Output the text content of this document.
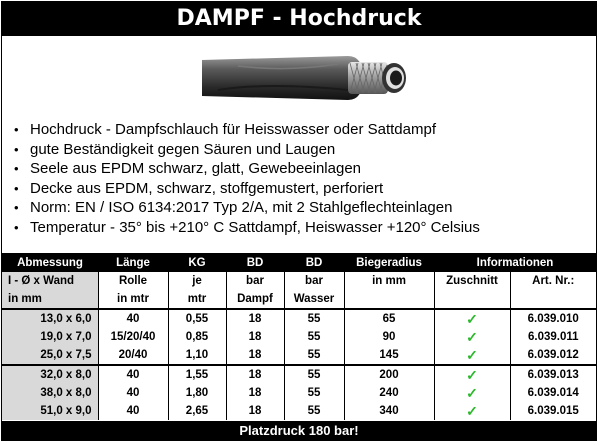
DAMPF - Hochdruck
• Hochdruck - Dampfschlauch für Heisswasser oder Sattdampf
• gute Beständigkeit gegen Säuren und Laugen
• Seele aus EPDM schwarz, glatt, Gewebeeinlagen
• Decke aus EPDM, schwarz, stoffgemustert, perforiert
• Norm: EN / ISO 6134:2017 Typ 2/A, mit 2 Stahlgeflechteinlagen
• Temperatur - 35° bis +210° C Sattdampf, Heiswasser +120° Celsius
Abmessung	Länge	KG	BD	BD	Biegeradius	Informationen	
I - Ø x Wand	Rolle	je	bar	bar	in mm	Zuschnitt	Art. Nr.:
in mm	in mtr	mtr	Dampf	Wasser			
13,0 x 6,0	40	0,55	18	55	65	✓	6.039.010
19,0 x 7,0	15/20/40	0,85	18	55	90	✓	6.039.011
25,0 x 7,5	20/40	1,10	18	55	145	✓	6.039.012
32,0 x 8,0	40	1,55	18	55	200	✓	6.039.013
38,0 x 8,0	40	1,80	18	55	240	✓	6.039.014
51,0 x 9,0	40	2,65	18	55	340	✓	6.039.015
Platzdruck 180 bar!
